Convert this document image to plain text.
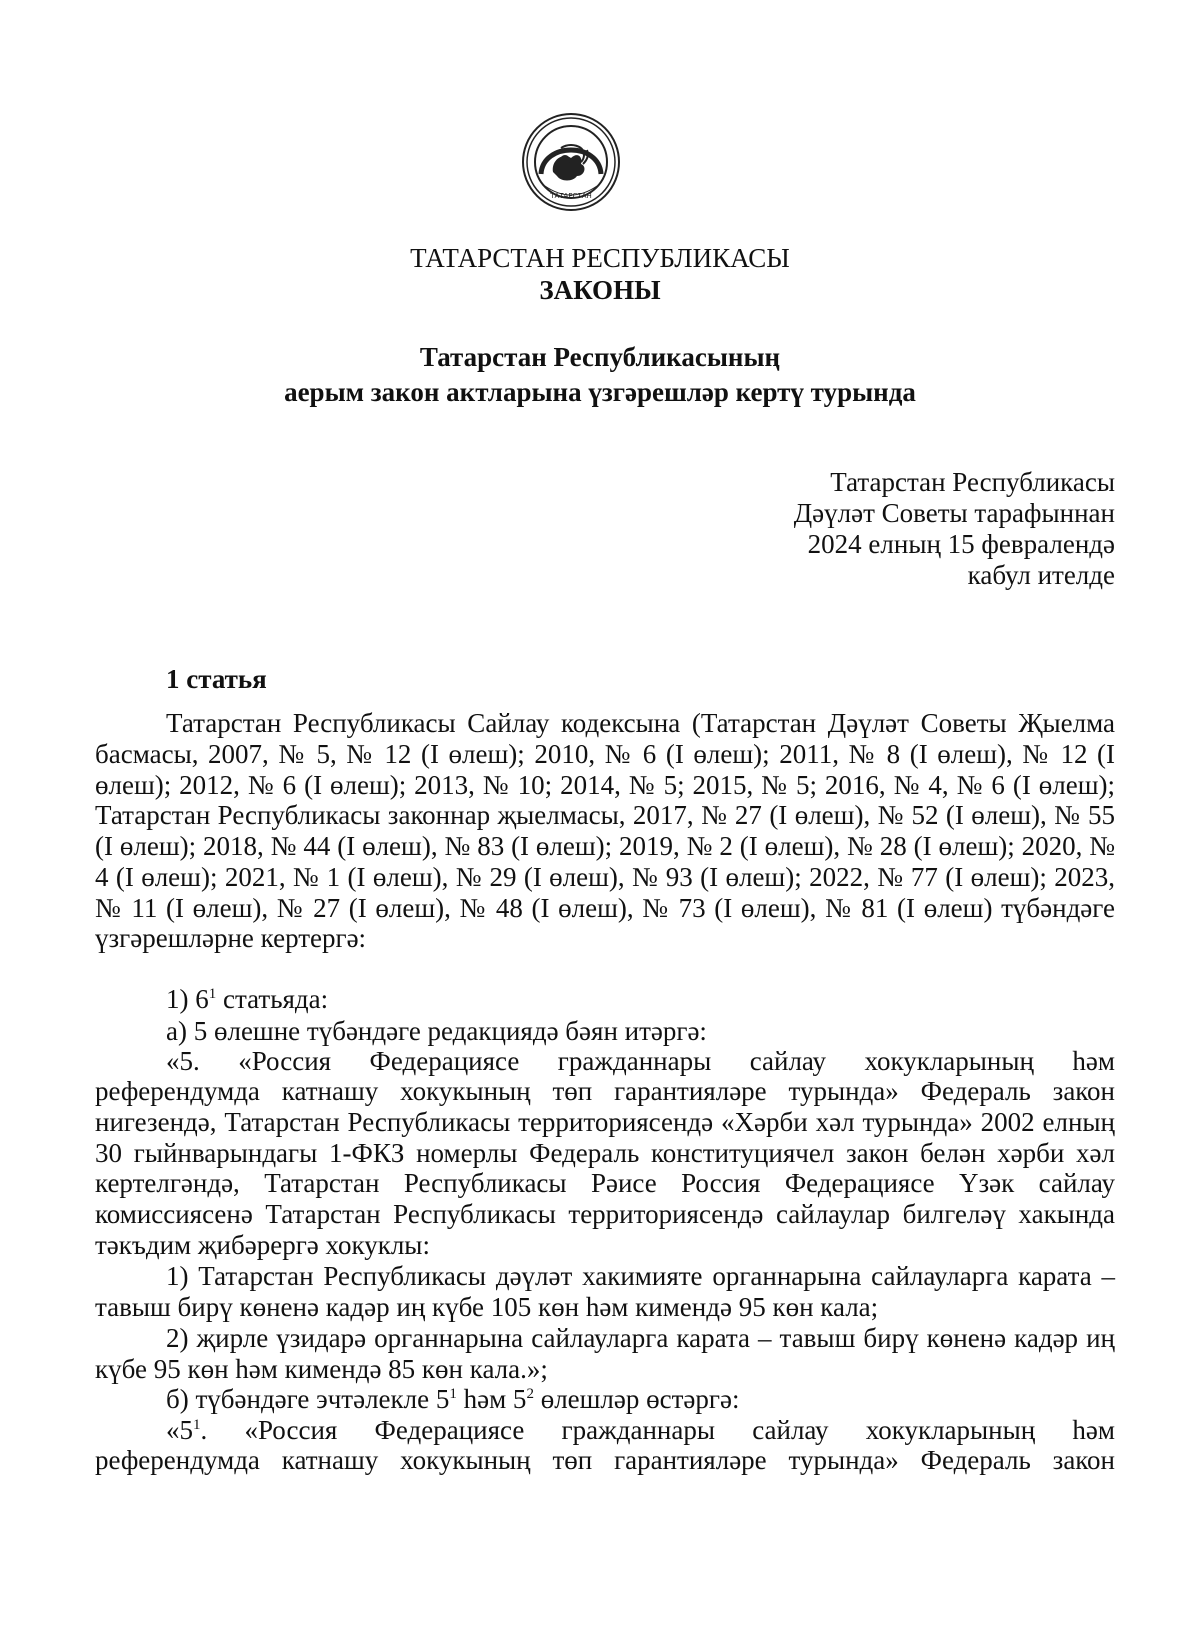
ТАТАРСТАН
ТАТАРСТАН РЕСПУБЛИКАСЫ
ЗАКОНЫ
Татарстан Республикасының
аерым закон актларына үзгәрешләр кертү турында
Татарстан Республикасы
Дәүләт Советы тарафыннан
2024 елның 15 февралендә
кабул ителде
1 статья

Татарстан Республикасы Сайлау кодексына (Татарстан Дәүләт Советы Җыелма басмасы, 2007, № 5, № 12 (I өлеш); 2010, № 6 (I өлеш); 2011, № 8 (I өлеш), № 12 (I өлеш); 2012, № 6 (I өлеш); 2013, № 10; 2014, № 5; 2015, № 5; 2016, № 4, № 6 (I өлеш); Татарстан Республикасы законнар җыелмасы, 2017, № 27 (I өлеш), № 52 (I өлеш), № 55 (I өлеш); 2018, № 44 (I өлеш), № 83 (I өлеш); 2019, № 2 (I өлеш), № 28 (I өлеш); 2020, № 4 (I өлеш); 2021, № 1 (I өлеш), № 29 (I өлеш), № 93 (I өлеш); 2022, № 77 (I өлеш); 2023, № 11 (I өлеш), № 27 (I өлеш), № 48 (I өлеш), № 73 (I өлеш), № 81 (I өлеш) түбәндәге үзгәрешләрне кертергә:

1) $6^1$ статьяда:
а) 5 өлешне түбәндәге редакциядә бәян итәргә:
«5.   «Россия   Федерациясе   гражданнары   сайлау   хокукларының   һәм

референдумда катнашу хокукының төп гарантияләре турында» Федераль закон нигезендә, Татарстан Республикасы территориясендә «Хәрби хәл турында» 2002 елның 30 гыйнварындагы 1-ФКЗ номерлы Федераль конституциячел закон белән хәрби хәл кертелгәндә, Татарстан Республикасы Рәисе Россия Федерациясе Үзәк сайлау комиссиясенә Татарстан Республикасы территориясендә сайлаулар билгеләү хакында тәкъдим җибәрергә хокуклы:

1) Татарстан Республикасы дәүләт хакимияте органнарына сайлауларга карата – тавыш бирү көненә кадәр иң күбе 105 көн һәм кимендә 95 көн кала;

2) җирле үзидарә органнарына сайлауларга карата – тавыш бирү көненә кадәр иң күбе 95 көн һәм кимендә 85 көн кала.»;

б) түбәндәге эчтәлекле $5^1$ һәм $5^2$ өлешләр өстәргә:
«$5^1$.   «Россия   Федерациясе   гражданнары   сайлау   хокукларының   һәм
референдумда катнашу хокукының төп гарантияләре турында» Федераль закон
